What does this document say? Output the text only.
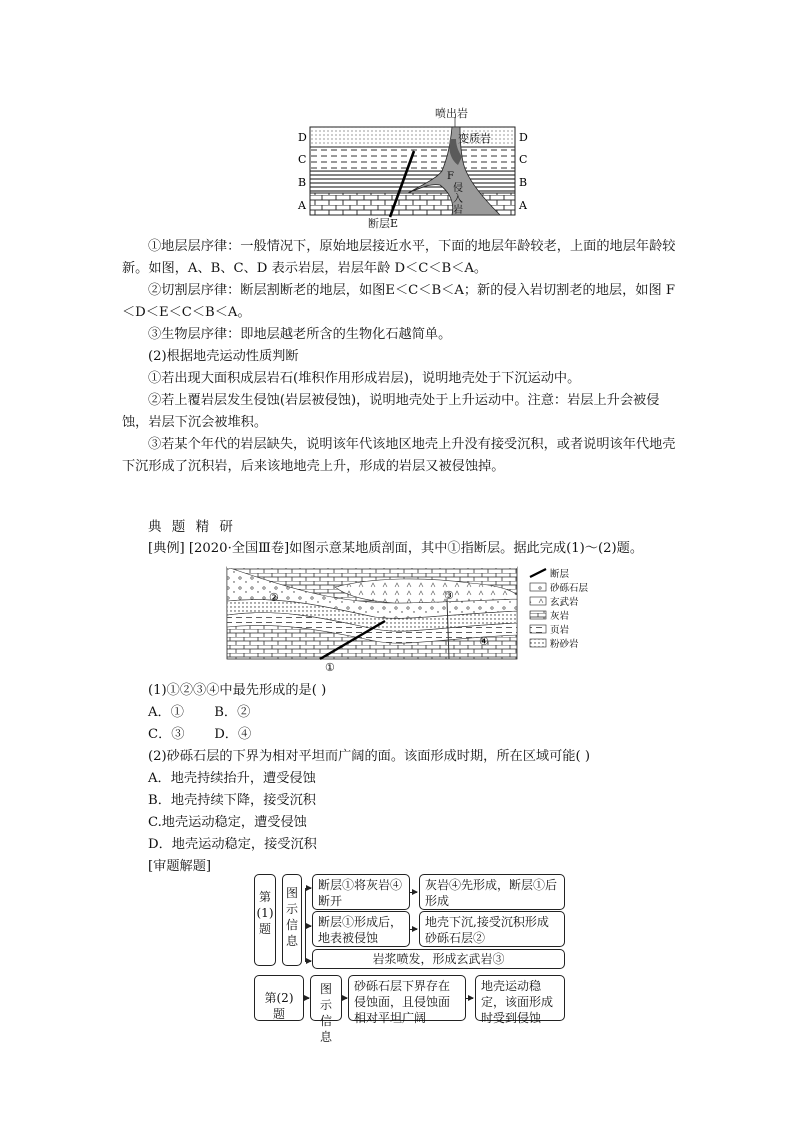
喷出岩
变质岩
F
侵
入
岩
断层E
D
C
B
A
D
C
B
A

①地层层序律：一般情况下，原始地层接近水平，下面的地层年龄较老，上面的地层年龄较新。如图，A、B、C、D 表示岩层，岩层年龄 D＜C＜B＜A。

②切割层序律：断层割断老的地层，如图E＜C＜B＜A；新的侵入岩切割老的地层，如图 F＜D＜E＜C＜B＜A。

③生物层序律：即地层越老所含的生物化石越简单。

(2)根据地壳运动性质判断

①若出现大面积成层岩石(堆积作用形成岩层)，说明地壳处于下沉运动中。

②若上覆岩层发生侵蚀(岩层被侵蚀)，说明地壳处于上升运动中。注意：岩层上升会被侵蚀，岩层下沉会被堆积。

③若某个年代的岩层缺失，说明该年代该地区地壳上升没有接受沉积，或者说明该年代地壳下沉形成了沉积岩，后来该地地壳上升，形成的岩层又被侵蚀掉。

典 题 精 研
[典例] [2020·全国Ⅲ卷]如图示意某地质剖面，其中①指断层。据此完成(1)～(2)题。
②	③
④
①
断层
砂砾石层
玄武岩
灰岩
页岩
粉砂岩
(1)①②③④中最先形成的是( )
A．① B．②
C．③ D．④
(2)砂砾石层的下界为相对平坦而广阔的面。该面形成时期，所在区域可能( )
A．地壳持续抬升，遭受侵蚀
B．地壳持续下降，接受沉积
C.地壳运动稳定，遭受侵蚀
D．地壳运动稳定，接受沉积
[审题解题]
第
(1)
题
图
示
信
息
断层①将灰岩④断开
灰岩④先形成，断层①后形成
断层①形成后，地表被侵蚀
地壳下沉,接受沉积形成砂砾石层②
岩浆喷发，形成玄武岩③
第(2)题
图示
信息
砂砾石层下界存在侵蚀面，且侵蚀面相对平坦广阔
地壳运动稳定，该面形成时受到侵蚀
